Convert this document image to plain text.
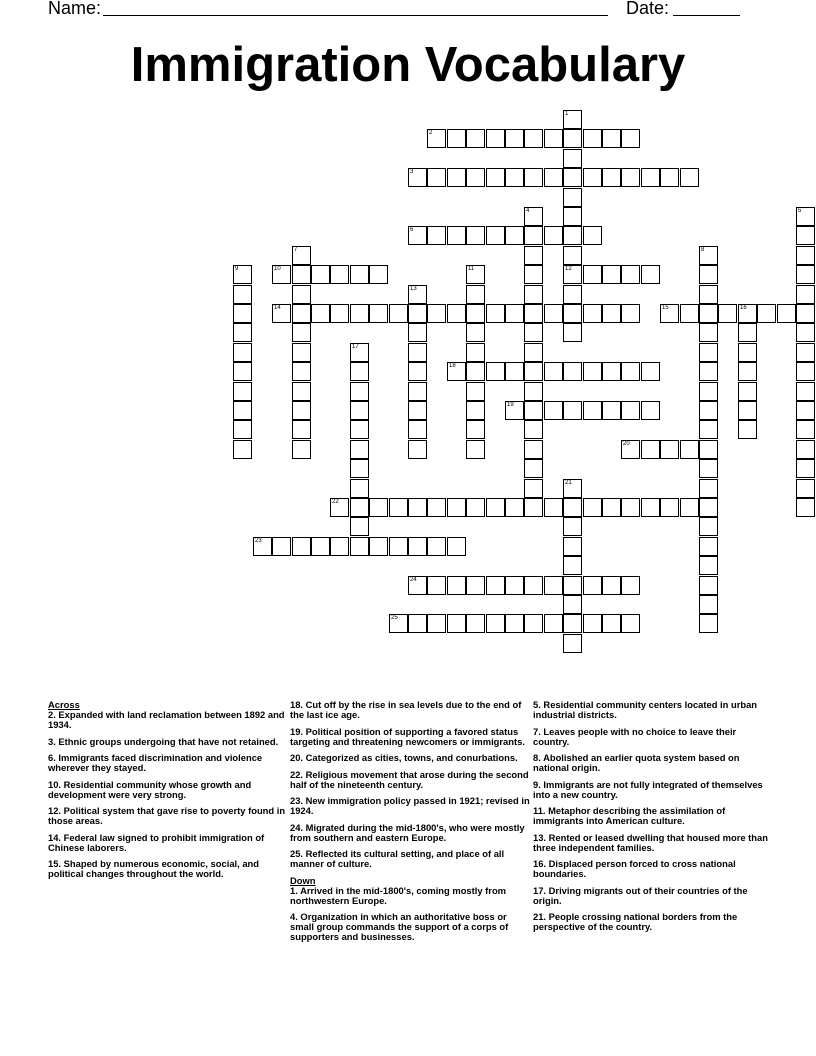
Name:	Date:
Immigration Vocabulary
1
12
2
3
4	5
6
7	8
9	10	11
13
14	15	16
17
18
19
20
21
22
23
24
25

Across

2. Expanded with land reclamation between 1892 and 1934.

3. Ethnic groups undergoing that have not retained.

6. Immigrants faced discrimination and violence wherever they stayed.

10. Residential community whose growth and development were very strong.

12. Political system that gave rise to poverty found in those areas.

14. Federal law signed to prohibit immigration of Chinese laborers.

15. Shaped by numerous economic, social, and political changes throughout the world.

18. Cut off by the rise in sea levels due to the end of the last ice age.

19. Political position of supporting a favored status targeting and threatening newcomers or immigrants.

20. Categorized as cities, towns, and conurbations.

22. Religious movement that arose during the second half of the nineteenth century.

23. New immigration policy passed in 1921; revised in 1924.

24. Migrated during the mid-1800's, who were mostly from southern and eastern Europe.

25. Reflected its cultural setting, and place of all manner of culture.

Down

1. Arrived in the mid-1800's, coming mostly from northwestern Europe.

4. Organization in which an authoritative boss or small group commands the support of a corps of supporters and businesses.

5. Residential community centers located in urban industrial districts.

7. Leaves people with no choice to leave their country.

8. Abolished an earlier quota system based on national origin.

9. Immigrants are not fully integrated of themselves into a new country.

11. Metaphor describing the assimilation of immigrants into American culture.

13. Rented or leased dwelling that housed more than three independent families.

16. Displaced person forced to cross national boundaries.

17. Driving migrants out of their countries of the origin.

21. People crossing national borders from the perspective of the country.
